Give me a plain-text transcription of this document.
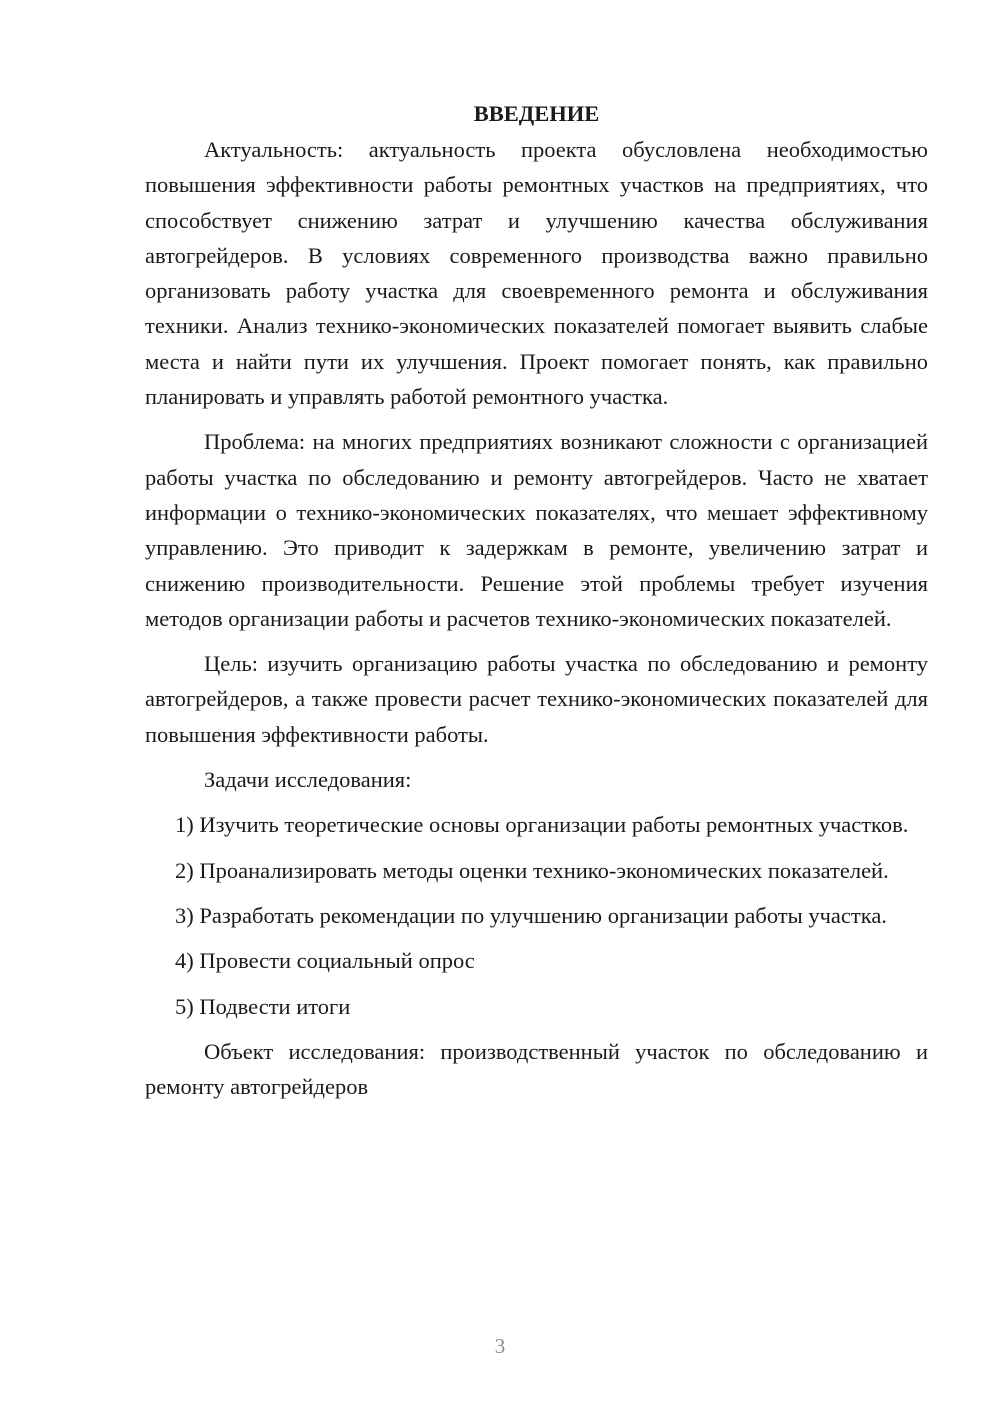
ВВЕДЕНИЕ

Актуальность: актуальность проекта обусловлена необходимостью повышения эффективности работы ремонтных участков на предприятиях, что способствует снижению затрат и улучшению качества обслуживания автогрейдеров. В условиях современного производства важно правильно организовать работу участка для своевременного ремонта и обслуживания техники. Анализ технико-экономических показателей помогает выявить слабые места и найти пути их улучшения. Проект помогает понять, как правильно планировать и управлять работой ремонтного участка.

Проблема: на многих предприятиях возникают сложности с организацией работы участка по обследованию и ремонту автогрейдеров. Часто не хватает информации о технико-экономических показателях, что мешает эффективному управлению. Это приводит к задержкам в ремонте, увеличению затрат и снижению производительности. Решение этой проблемы требует изучения методов организации работы и расчетов технико-экономических показателей.

Цель: изучить организацию работы участка по обследованию и ремонту автогрейдеров, а также провести расчет технико-экономических показателей для повышения эффективности работы.

Задачи исследования:

1) Изучить теоретические основы организации работы ремонтных участков.

2) Проанализировать методы оценки технико-экономических показателей.

3) Разработать рекомендации по улучшению организации работы участка.

4) Провести социальный опрос

5) Подвести итоги

Объект исследования: производственный участок по обследованию и ремонту автогрейдеров

3
